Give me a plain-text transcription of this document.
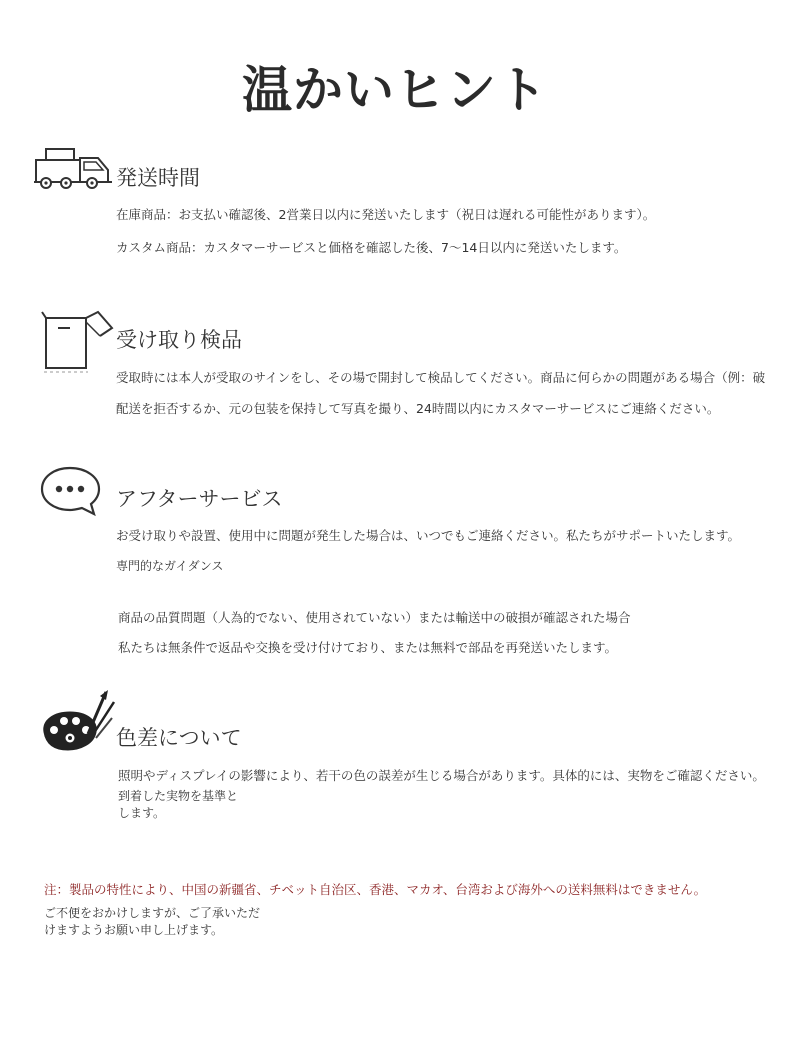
温かいヒント
発送時間
在庫商品：お支払い確認後、2営業日以内に発送いたします（祝日は遅れる可能性があります）。
カスタム商品：カスタマーサービスと価格を確認した後、7〜14日以内に発送いたします。
受け取り検品
受取時には本人が受取のサインをし、その場で開封して検品してください。商品に何らかの問題がある場合（例：破
配送を拒否するか、元の包装を保持して写真を撮り、24時間以内にカスタマーサービスにご連絡ください。
アフターサービス
お受け取りや設置、使用中に問題が発生した場合は、いつでもご連絡ください。私たちがサポートいたします。
専門的なガイダンス
商品の品質問題（人為的でない、使用されていない）または輸送中の破損が確認された場合
私たちは無条件で返品や交換を受け付けており、または無料で部品を再発送いたします。
色差について
照明やディスプレイの影響により、若干の色の誤差が生じる場合があります。具体的には、実物をご確認ください。
到着した実物を基準と
します。
注：製品の特性により、中国の新疆省、チベット自治区、香港、マカオ、台湾および海外への送料無料はできません。
ご不便をおかけしますが、ご了承いただ
けますようお願い申し上げます。
